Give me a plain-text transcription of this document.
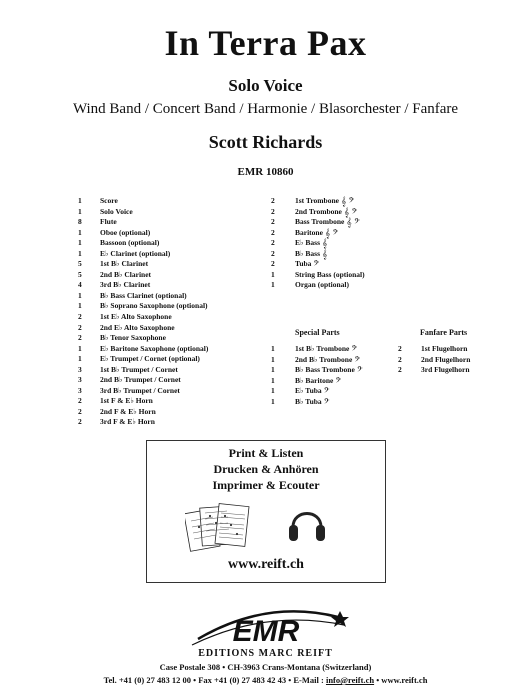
In Terra Pax
Solo Voice
Wind Band / Concert Band / Harmonie / Blasorchester / Fanfare
Scott Richards
EMR 10860
1	Score
1	Solo Voice
8	Flute
1	Oboe (optional)
1	Bassoon (optional)
1	E♭ Clarinet (optional)
5	1st B♭ Clarinet
5	2nd B♭ Clarinet
4	3rd B♭ Clarinet
1	B♭ Bass Clarinet (optional)
1	B♭ Soprano Saxophone (optional)
2	1st E♭ Alto Saxophone
2	2nd E♭ Alto Saxophone
2	B♭ Tenor Saxophone
1	E♭ Baritone Saxophone (optional)
1	E♭ Trumpet / Cornet (optional)
3	1st B♭ Trumpet / Cornet
3	2nd B♭ Trumpet / Cornet
3	3rd B♭ Trumpet / Cornet
2	1st F & E♭ Horn
2	2nd F & E♭ Horn
2	3rd F & E♭ Horn
2	1st Trombone 𝄞 𝄢
2	2nd Trombone 𝄞 𝄢
2	Bass Trombone 𝄞 𝄢
2	Baritone 𝄞 𝄢
2	E♭ Bass 𝄞
2	B♭ Bass 𝄞
2	Tuba 𝄢
1	String Bass (optional)
1	Organ (optional)
Special Parts	Fanfare Parts
1	1st B♭ Trombone 𝄢
1	2nd B♭ Trombone 𝄢
1	B♭ Bass Trombone 𝄢
1	B♭ Baritone 𝄢
1	E♭ Tuba 𝄢
1	B♭ Tuba 𝄢
2	1st Flugelhorn
2	2nd Flugelhorn
2	3rd Flugelhorn
Print & Listen
Drucken & Anhören
Imprimer & Ecouter
www.reift.ch
EMR
EDITIONS MARC REIFT
Case Postale 308 • CH-3963 Crans-Montana (Switzerland)
Tel. +41 (0) 27 483 12 00 • Fax +41 (0) 27 483 42 43 • E-Mail : info@reift.ch • www.reift.ch
